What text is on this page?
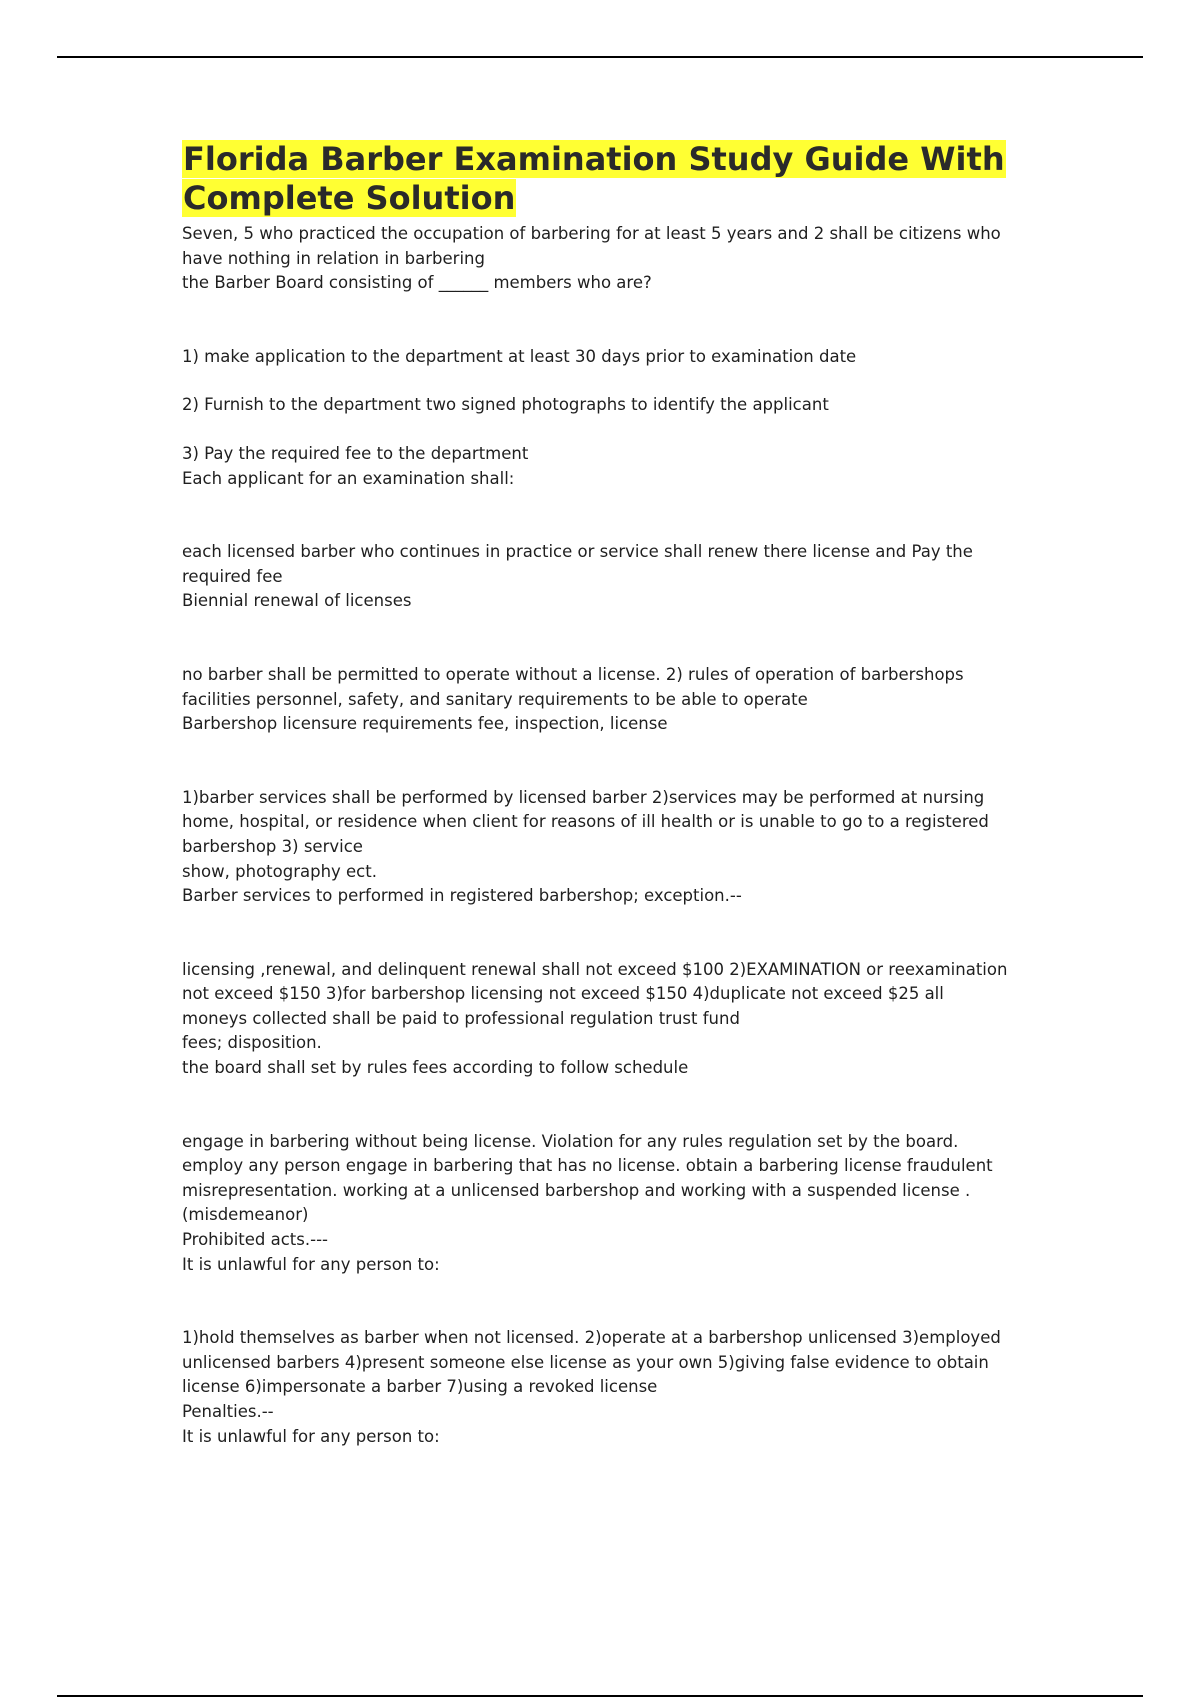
Florida Barber Examination Study Guide With Complete Solution

Seven, 5 who practiced the occupation of barbering for at least 5 years and 2 shall be citizens who have nothing in relation in barbering

the Barber Board consisting of ______ members who are?

1) make application to the department at least 30 days prior to examination date

2) Furnish to the department two signed photographs to identify the applicant

3) Pay the required fee to the department

Each applicant for an examination shall:

each licensed barber who continues in practice or service shall renew there license and Pay the required fee

Biennial renewal of licenses

no barber shall be permitted to operate without a license. 2) rules of operation of barbershops facilities personnel, safety, and sanitary requirements to be able to operate

Barbershop licensure requirements fee, inspection, license

1)barber services shall be performed by licensed barber 2)services may be performed at nursing home, hospital, or residence when client for reasons of ill health or is unable to go to a registered barbershop 3) service

show, photography ect.

Barber services to performed in registered barbershop; exception.--

licensing ,renewal, and delinquent renewal shall not exceed $100 2)EXAMINATION or reexamination not exceed $150 3)for barbershop licensing not exceed $150 4)duplicate not exceed $25 all moneys collected shall be paid to professional regulation trust fund

fees; disposition.

the board shall set by rules fees according to follow schedule

engage in barbering without being license. Violation for any rules regulation set by the board. employ any person engage in barbering that has no license. obtain a barbering license fraudulent misrepresentation. working at a unlicensed barbershop and working with a suspended license . (misdemeanor)

Prohibited acts.---

It is unlawful for any person to:

1)hold themselves as barber when not licensed. 2)operate at a barbershop unlicensed 3)employed unlicensed barbers 4)present someone else license as your own 5)giving false evidence to obtain license 6)impersonate a barber 7)using a revoked license

Penalties.--

It is unlawful for any person to:
